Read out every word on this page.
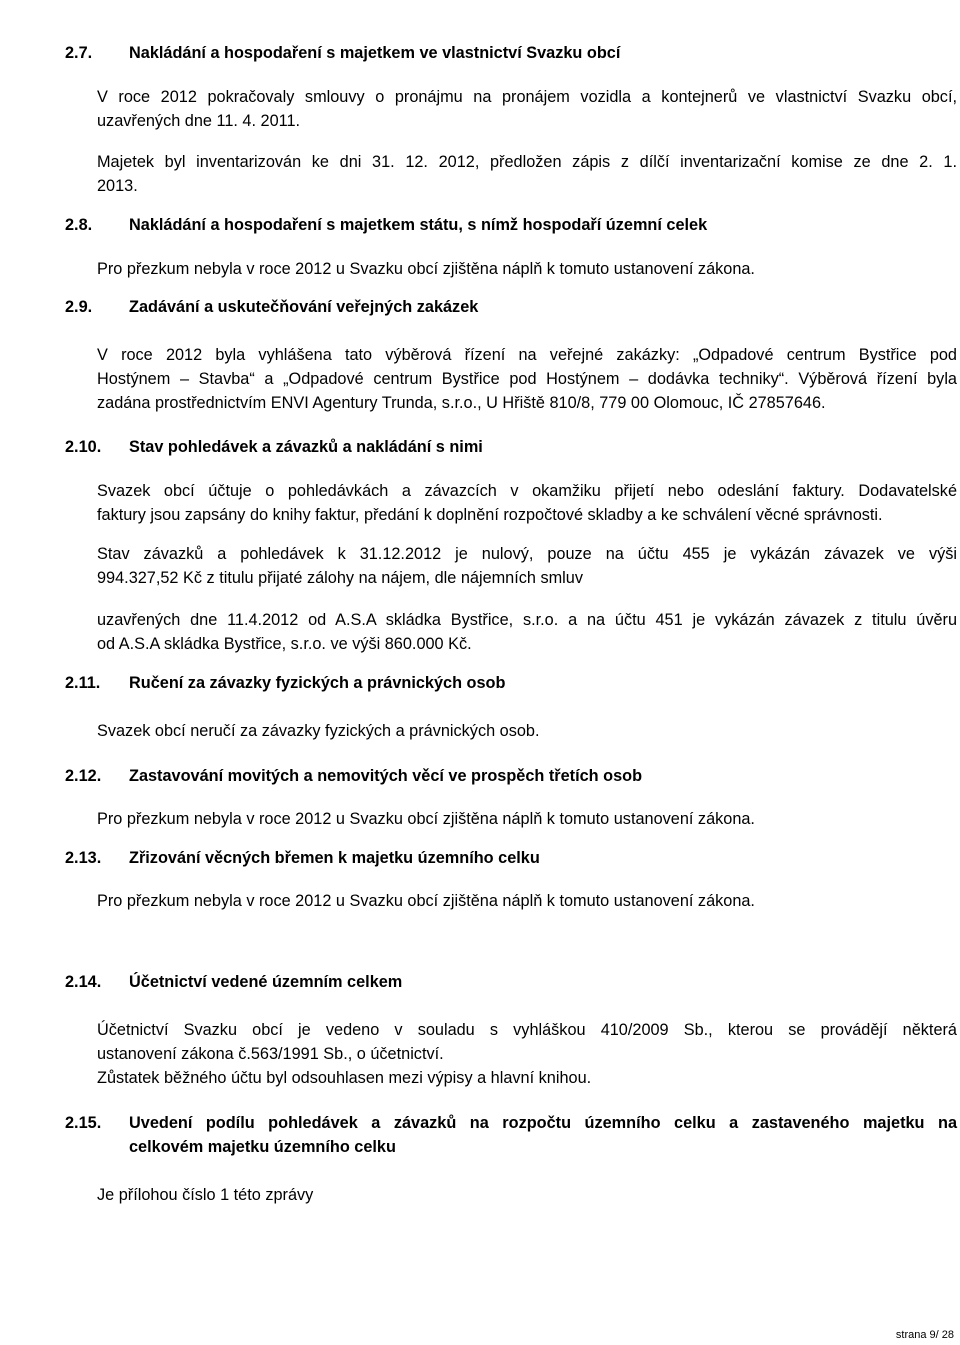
2.7. Nakládání a hospodaření s majetkem ve vlastnictví Svazku obcí
V roce 2012 pokračovaly smlouvy o pronájmu na pronájem vozidla a kontejnerů ve vlastnictví Svazku obcí,
uzavřených dne 11. 4. 2011.
Majetek byl inventarizován ke dni 31. 12. 2012, předložen zápis z dílčí inventarizační komise ze dne 2. 1.
2013.
2.8. Nakládání a hospodaření s majetkem státu, s nímž hospodaří územní celek
Pro přezkum nebyla v roce 2012 u Svazku obcí zjištěna náplň k tomuto ustanovení zákona.
2.9. Zadávání a uskutečňování veřejných zakázek
V roce 2012 byla vyhlášena tato výběrová řízení na veřejné zakázky: „Odpadové centrum Bystřice pod
Hostýnem – Stavba“ a „Odpadové centrum Bystřice pod Hostýnem – dodávka techniky“. Výběrová řízení byla
zadána prostřednictvím ENVI Agentury Trunda, s.r.o., U Hřiště 810/8, 779 00 Olomouc, IČ 27857646.
2.10. Stav pohledávek a závazků a nakládání s nimi
Svazek obcí účtuje o pohledávkách a závazcích v okamžiku přijetí nebo odeslání faktury. Dodavatelské
faktury jsou zapsány do knihy faktur, předání k doplnění rozpočtové skladby a ke schválení věcné správnosti.
Stav závazků a pohledávek k 31.12.2012 je nulový, pouze na účtu 455 je vykázán závazek ve výši
994.327,52 Kč z titulu přijaté zálohy na nájem, dle nájemních smluv
uzavřených dne 11.4.2012 od A.S.A skládka Bystřice, s.r.o. a na účtu 451 je vykázán závazek z titulu úvěru
od A.S.A skládka Bystřice, s.r.o. ve výši 860.000 Kč.
2.11. Ručení za závazky fyzických a právnických osob
Svazek obcí neručí za závazky fyzických a právnických osob.
2.12. Zastavování movitých a nemovitých věcí ve prospěch třetích osob
Pro přezkum nebyla v roce 2012 u Svazku obcí zjištěna náplň k tomuto ustanovení zákona.
2.13. Zřizování věcných břemen k majetku územního celku
Pro přezkum nebyla v roce 2012 u Svazku obcí zjištěna náplň k tomuto ustanovení zákona.
2.14. Účetnictví vedené územním celkem
Účetnictví Svazku obcí je vedeno v souladu s vyhláškou 410/2009 Sb., kterou se provádějí některá
ustanovení zákona č.563/1991 Sb., o účetnictví.
Zůstatek běžného účtu byl odsouhlasen mezi výpisy a hlavní knihou.
2.15. Uvedení podílu pohledávek a závazků na rozpočtu územního celku a zastaveného majetku na
celkovém majetku územního celku
Je přílohou číslo 1 této zprávy
strana 9/ 28
